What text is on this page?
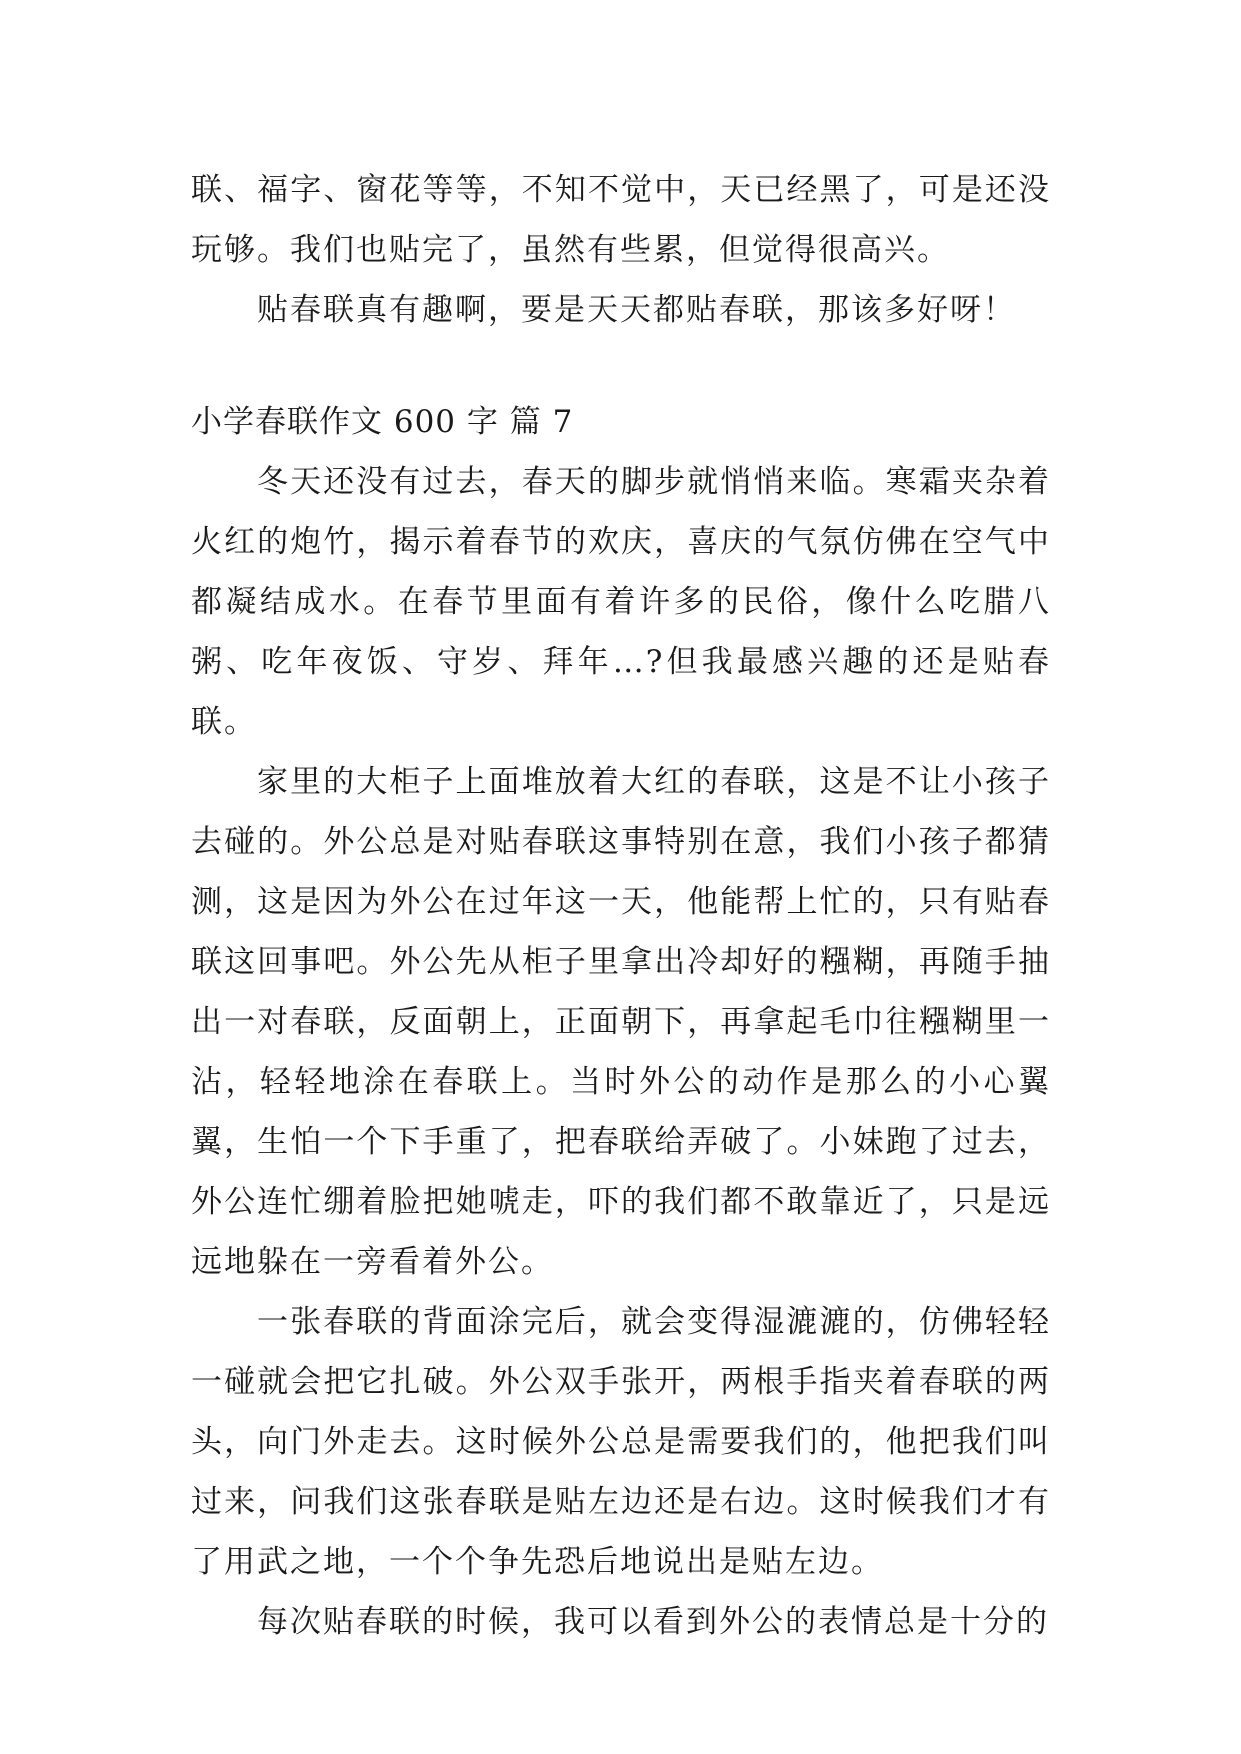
联、福字、窗花等等，不知不觉中，天已经黑了，可是还没玩够。我们也贴完了，虽然有些累，但觉得很高兴。

贴春联真有趣啊，要是天天都贴春联，那该多好呀！

小学春联作文 600 字 篇 7

冬天还没有过去，春天的脚步就悄悄来临。寒霜夹杂着火红的炮竹，揭示着春节的欢庆，喜庆的气氛仿佛在空气中都凝结成水。在春节里面有着许多的民俗，像什么吃腊八粥、吃年夜饭、守岁、拜年…?但我最感兴趣的还是贴春联。

家里的大柜子上面堆放着大红的春联，这是不让小孩子去碰的。外公总是对贴春联这事特别在意，我们小孩子都猜测，这是因为外公在过年这一天，他能帮上忙的，只有贴春联这回事吧。外公先从柜子里拿出冷却好的糨糊，再随手抽出一对春联，反面朝上，正面朝下，再拿起毛巾往糨糊里一沾，轻轻地涂在春联上。当时外公的动作是那么的小心翼翼，生怕一个下手重了，把春联给弄破了。小妹跑了过去，外公连忙绷着脸把她唬走，吓的我们都不敢靠近了，只是远远地躲在一旁看着外公。

一张春联的背面涂完后，就会变得湿漉漉的，仿佛轻轻一碰就会把它扎破。外公双手张开，两根手指夹着春联的两头，向门外走去。这时候外公总是需要我们的，他把我们叫过来，问我们这张春联是贴左边还是右边。这时候我们才有了用武之地，一个个争先恐后地说出是贴左边。

每次贴春联的时候，我可以看到外公的表情总是十分的
